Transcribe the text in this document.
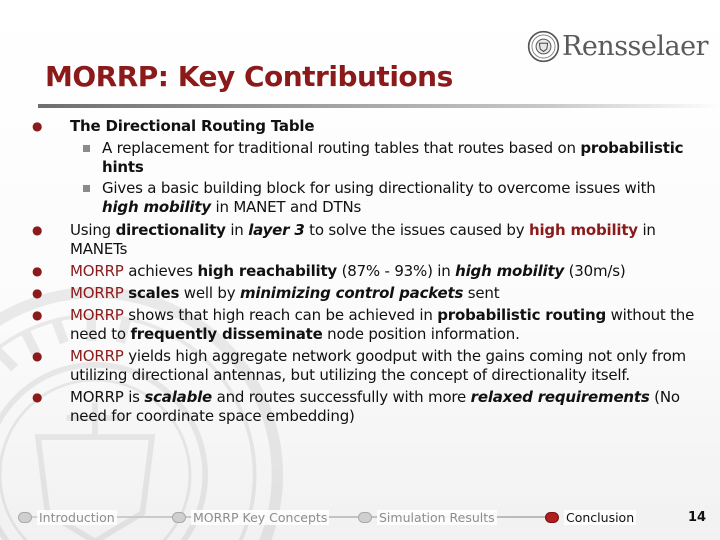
Rensselaer
MORRP: Key Contributions
● The Directional Routing Table
A replacement for traditional routing tables that routes based on probabilistic hints
Gives a basic building block for using directionality to overcome issues with high mobility in MANET and DTNs
● Using directionality in layer 3 to solve the issues caused by high mobility in MANETs
● MORRP achieves high reachability (87% - 93%) in high mobility (30m/s)
● MORRP scales well by minimizing control packets sent
● MORRP shows that high reach can be achieved in probabilistic routing without the need to frequently disseminate node position information.
● MORRP yields high aggregate network goodput with the gains coming not only from utilizing directional antennas, but utilizing the concept of directionality itself.
● MORRP is scalable and routes successfully with more relaxed requirements (No need for coordinate space embedding)
Introduction	MORRP Key Concepts	Simulation Results	Conclusion	14
